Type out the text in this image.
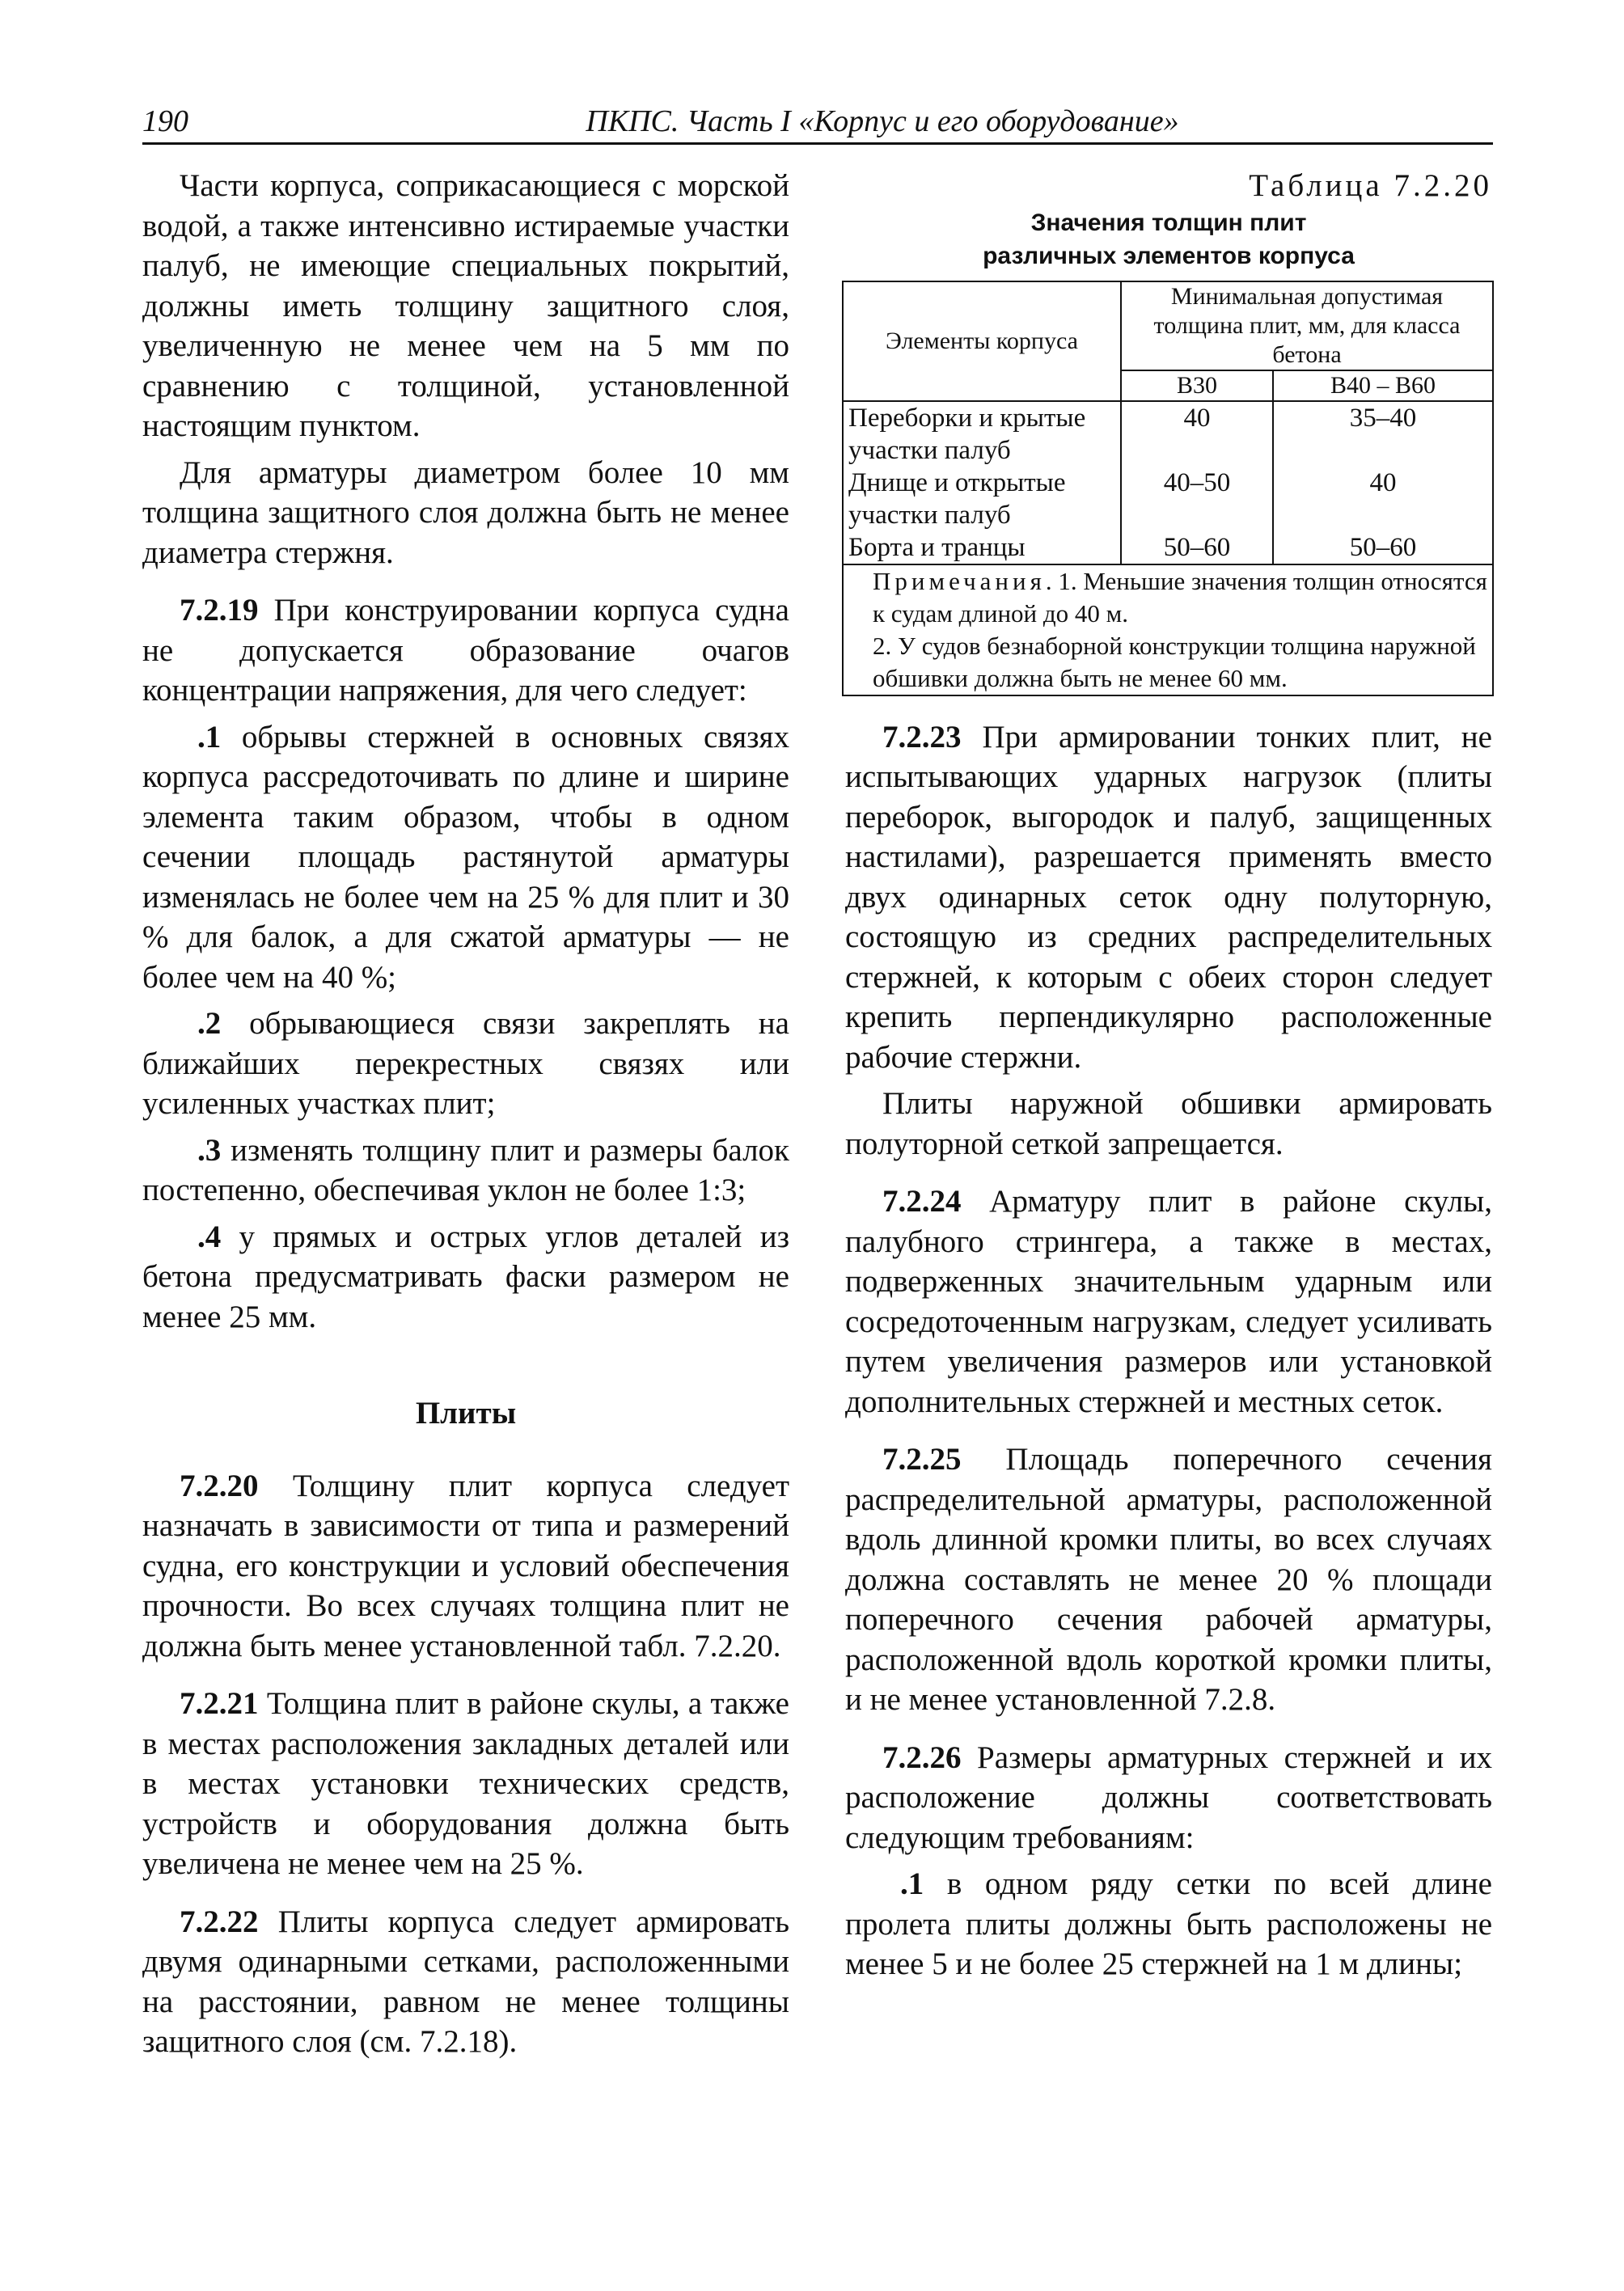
190	ПКПС. Часть I «Корпус и его оборудование»

Части корпуса, соприкасающиеся с морской водой, а также интенсивно истираемые участки палуб, не имеющие специальных покрытий, должны иметь толщину защитного слоя, увеличенную не менее чем на 5 мм по сравнению с толщиной, установленной настоящим пунктом.

Для арматуры диаметром более 10 мм толщина защитного слоя должна быть не менее диаметра стержня.

7.2.19 При конструировании корпуса судна не допускается образование очагов концентрации напряжения, для чего следует:

.1 обрывы стержней в основных связях корпуса рассредоточивать по длине и ширине элемента таким образом, чтобы в одном сечении площадь растянутой арматуры изменялась не более чем на 25 % для плит и 30 % для балок, а для сжатой арматуры — не более чем на 40 %;

.2 обрывающиеся связи закреплять на ближайших перекрестных связях или усиленных участках плит;

.3 изменять толщину плит и размеры балок постепенно, обеспечивая уклон не более 1:3;

.4 у прямых и острых углов деталей из бетона предусматривать фаски размером не менее 25 мм.

Плиты

7.2.20 Толщину плит корпуса следует назначать в зависимости от типа и размерений судна, его конструкции и условий обеспечения прочности. Во всех случаях толщина плит не должна быть менее установленной табл. 7.2.20.

7.2.21 Толщина плит в районе скулы, а также в местах расположения закладных деталей или в местах установки технических средств, устройств и оборудования должна быть увеличена не менее чем на 25 %.

7.2.22 Плиты корпуса следует армировать двумя одинарными сетками, расположенными на расстоянии, равном не менее толщины защитного слоя (см. 7.2.18).

Таблица 7.2.20

Значения толщин плит
различных элементов корпуса

Элементы корпуса	Минимальная допустимая толщина плит, мм, для класса бетона	
	B30	B40 – B60
Переборки и крытые участки палуб	40	35–40
Днище и открытые участки палуб	40–50	40
Борта и транцы	50–60	50–60

Примечания. 1. Меньшие значения толщин относятся к судам длиной до 40 м.
2. У судов безнаборной конструкции толщина наружной обшивки должна быть не менее 60 мм.		

7.2.23 При армировании тонких плит, не испытывающих ударных нагрузок (плиты переборок, выгородок и палуб, защищенных настилами), разрешается применять вместо двух одинарных сеток одну полуторную, состоящую из средних распределительных стержней, к которым с обеих сторон следует крепить перпендикулярно расположенные рабочие стержни.

Плиты наружной обшивки армировать полуторной сеткой запрещается.

7.2.24 Арматуру плит в районе скулы, палубного стрингера, а также в местах, подверженных значительным ударным или сосредоточенным нагрузкам, следует усиливать путем увеличения размеров или установкой дополнительных стержней и местных сеток.

7.2.25 Площадь поперечного сечения распределительной арматуры, расположенной вдоль длинной кромки плиты, во всех случаях должна составлять не менее 20 % площади поперечного сечения рабочей арматуры, расположенной вдоль короткой кромки плиты, и не менее установленной 7.2.8.

7.2.26 Размеры арматурных стержней и их расположение должны соответствовать следующим требованиям:

.1 в одном ряду сетки по всей длине пролета плиты должны быть расположены не менее 5 и не более 25 стержней на 1 м длины;
